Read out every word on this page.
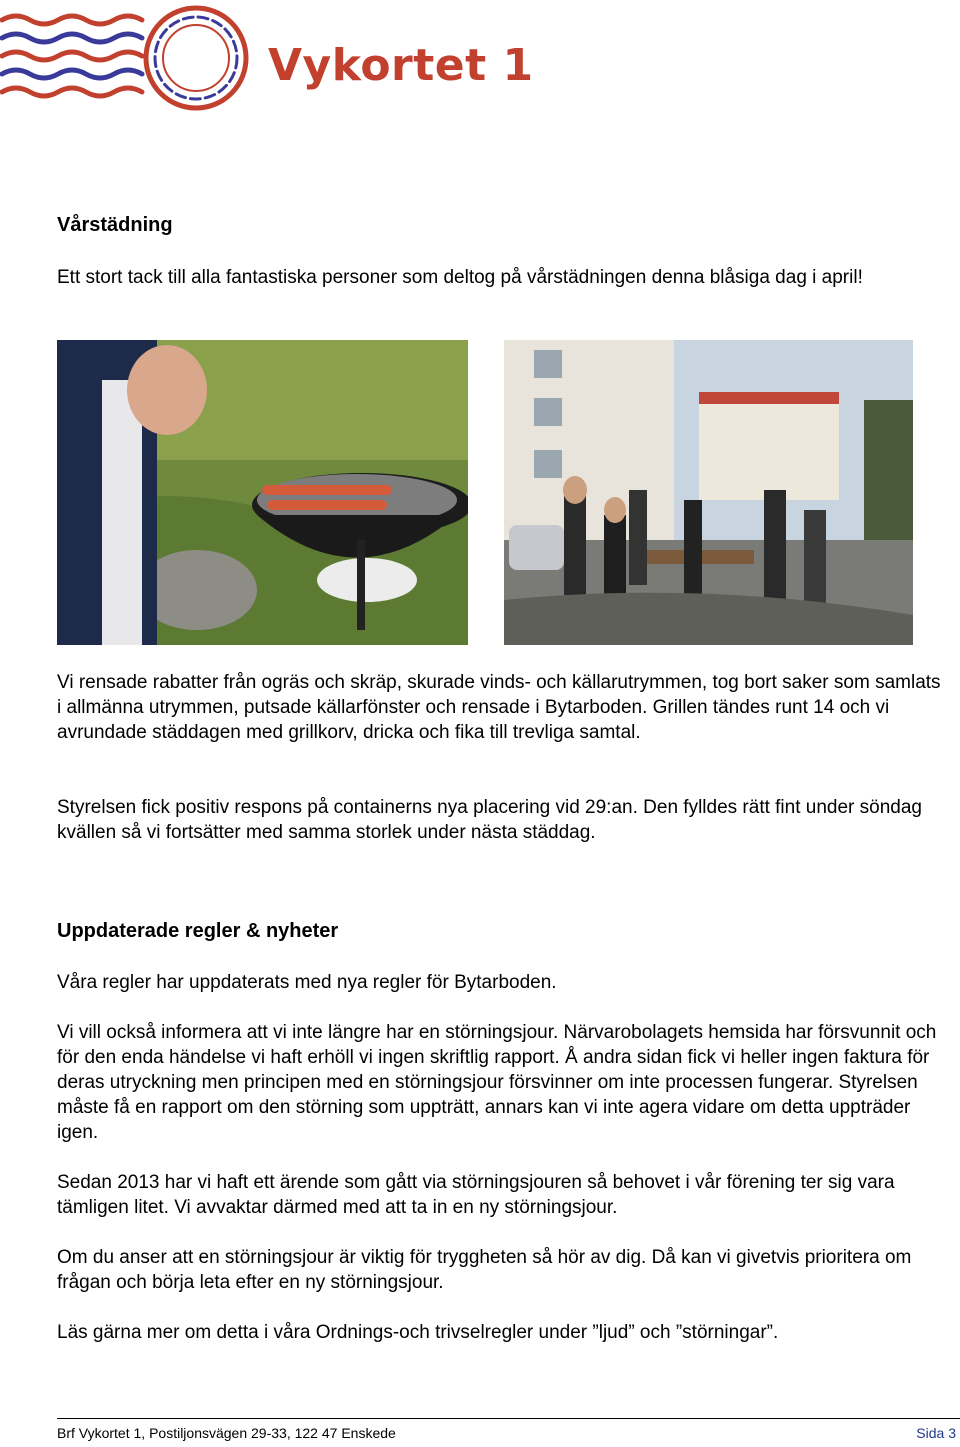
Vykortet 1
Vårstädning
Ett stort tack till alla fantastiska personer som deltog på vårstädningen denna blåsiga dag i april!
Vi rensade rabatter från ogräs och skräp, skurade vinds- och källarutrymmen, tog bort saker som samlats i allmänna utrymmen, putsade källarfönster och rensade i Bytarboden. Grillen tändes runt 14 och vi avrundade städdagen med grillkorv, dricka och fika till trevliga samtal.
Styrelsen fick positiv respons på containerns nya placering vid 29:an. Den fylldes rätt fint under söndag kvällen så vi fortsätter med samma storlek under nästa städdag.
Uppdaterade regler & nyheter
Våra regler har uppdaterats med nya regler för Bytarboden.
Vi vill också informera att vi inte längre har en störningsjour. Närvarobolagets hemsida har försvunnit och för den enda händelse vi haft erhöll vi ingen skriftlig rapport. Å andra sidan fick vi heller ingen faktura för deras utryckning men principen med en störningsjour försvinner om inte processen fungerar. Styrelsen måste få en rapport om den störning som uppträtt, annars kan vi inte agera vidare om detta uppträder igen.
Sedan 2013 har vi haft ett ärende som gått via störningsjouren så behovet i vår förening ter sig vara tämligen litet. Vi avvaktar därmed med att ta in en ny störningsjour.
Om du anser att en störningsjour är viktig för tryggheten så hör av dig. Då kan vi givetvis prioritera om frågan och börja leta efter en ny störningsjour.
Läs gärna mer om detta i våra Ordnings-och trivselregler under ”ljud” och ”störningar”.
Brf Vykortet 1, Postiljonsvägen 29-33, 122 47 Enskede	Sida 3
